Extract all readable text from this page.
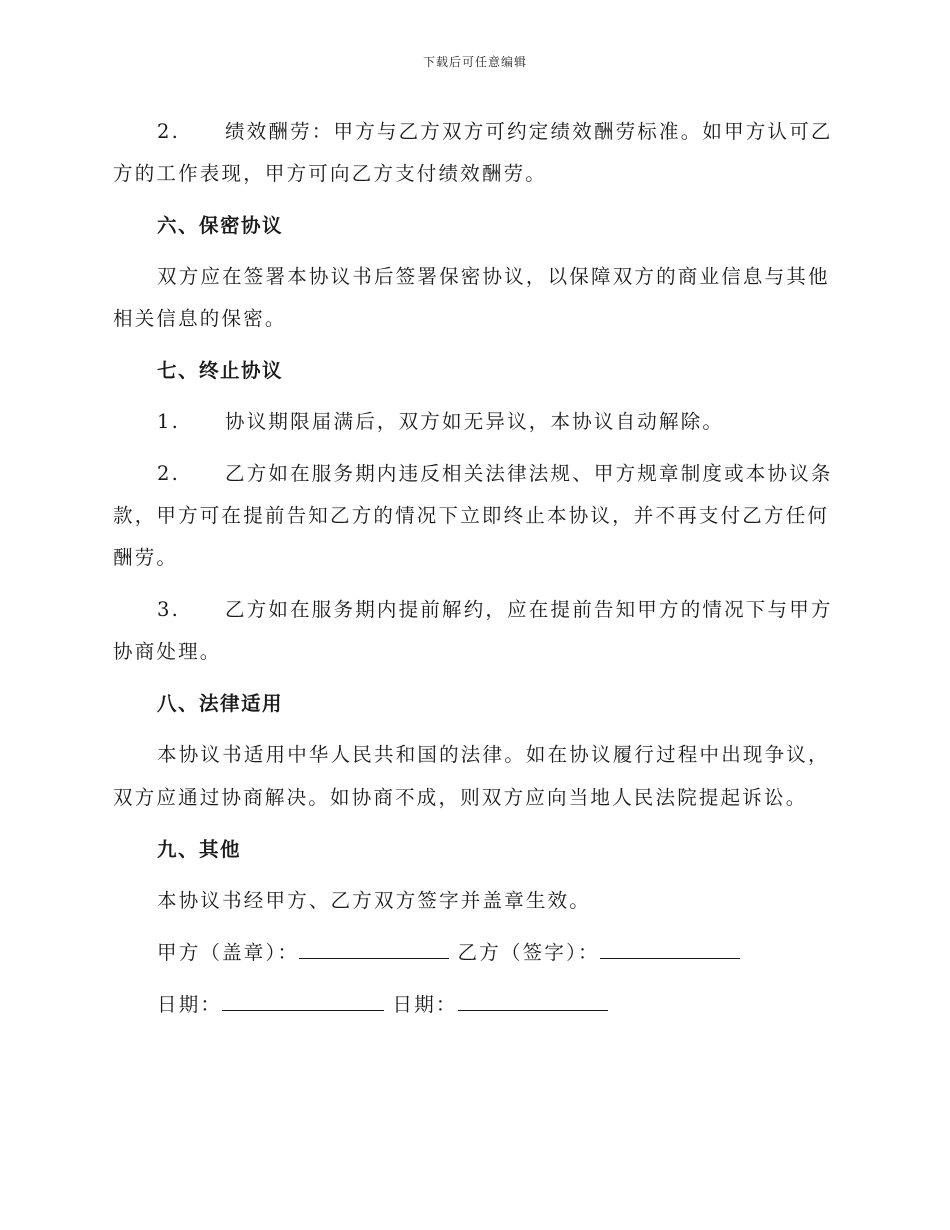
下载后可任意编辑
2. 绩效酬劳：甲方与乙方双方可约定绩效酬劳标准。如甲方认可乙
方的工作表现，甲方可向乙方支付绩效酬劳。
六、保密协议
双方应在签署本协议书后签署保密协议，以保障双方的商业信息与其他
相关信息的保密。
七、终止协议
1. 协议期限届满后，双方如无异议，本协议自动解除。
2. 乙方如在服务期内违反相关法律法规、甲方规章制度或本协议条
款，甲方可在提前告知乙方的情况下立即终止本协议，并不再支付乙方任何
酬劳。
3. 乙方如在服务期内提前解约，应在提前告知甲方的情况下与甲方
协商处理。
八、法律适用
本协议书适用中华人民共和国的法律。如在协议履行过程中出现争议，
双方应通过协商解决。如协商不成，则双方应向当地人民法院提起诉讼。
九、其他
本协议书经甲方、乙方双方签字并盖章生效。
甲方（盖章）：	乙方（签字）：
日期：	日期：
